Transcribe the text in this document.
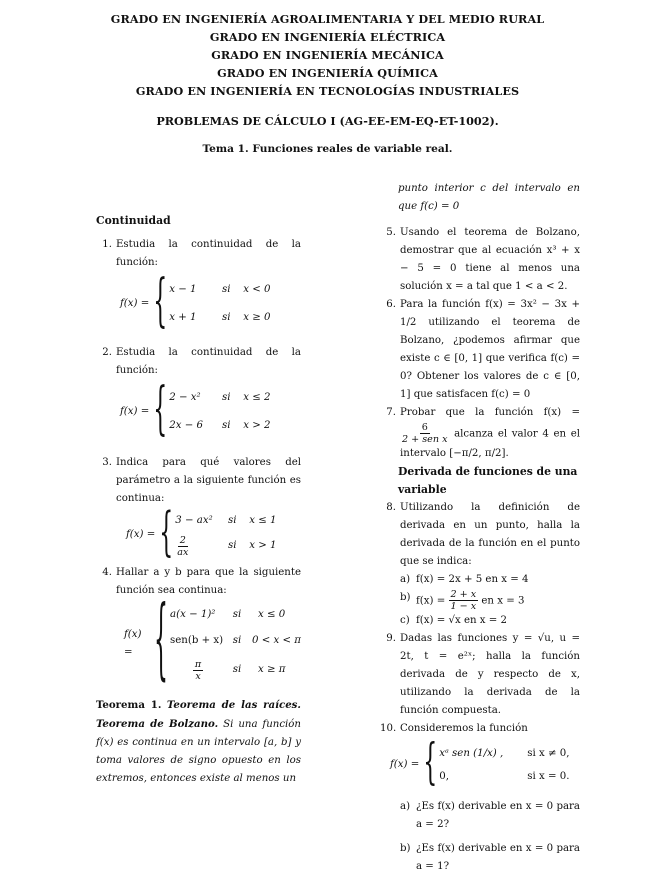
GRADO EN INGENIERÍA AGROALIMENTARIA Y DEL MEDIO RURAL
GRADO EN INGENIERÍA ELÉCTRICA
GRADO EN INGENIERÍA MECÁNICA
GRADO EN INGENIERÍA QUÍMICA
GRADO EN INGENIERÍA EN TECNOLOGÍAS INDUSTRIALES
PROBLEMAS DE CÁLCULO I (AG-EE-EM-EQ-ET-1002).
Tema 1. Funciones reales de variable real.
Continuidad
1. Estudia la continuidad de la función:
f(x) = { x − 1	si	x < 0
x + 1	si	x ≥ 0
2. Estudia la continuidad de la función:
f(x) = { 2 − x²	si	x ≤ 2
2x − 6	si	x > 2
3. Indica para qué valores del parámetro a la siguiente función es continua:
f(x) = { 3 − ax²	si	x ≤ 1
$\frac{2}{ax}$	si	x > 1
4. Hallar a y b para que la siguiente función sea continua:
f(x) = { a(x − 1)²	si	x ≤ 0
sen(b + x) si	0 < x < π
$\frac{\pi}{x}$	si	x ≥ π
Teorema 1. Teorema de las raíces. Teorema de Bolzano. Si una función f(x) es continua en un intervalo [a, b] y toma valores de signo opuesto en los extremos, entonces existe al menos un
punto interior c del intervalo en que f(c) = 0
5. Usando el teorema de Bolzano, demostrar que al ecuación x³ + x − 5 = 0 tiene al menos una solución x = a tal que 1 < a < 2.
6. Para la función f(x) = 3x² − 3x + 1/2 utilizando el teorema de Bolzano, ¿podemos afirmar que existe c ∈ [0, 1] que verifica f(c) = 0? Obtener los valores de c ∈ [0, 1] que satisfacen f(c) = 0
7. Probar que la función f(x) =
$\frac{6}{\text{2 + sen x}}$ alcanza el valor 4 en el intervalo [−π/2, π/2].
Derivada de funciones de una variable
8. Utilizando la definición de derivada en un punto, halla la derivada de la función en el punto que se indica:
a) f(x) = 2x + 5 en x = 4
b) $f(x) = \frac{2 + x}{1 - x}$ en x = 3
c) f(x) = √x en x = 2
9. Dadas las funciones y = √u, u = 2t, t = e²ˣ; halla la función derivada de y respecto de x, utilizando la derivada de la función compuesta.
10. Consideremos la función
f(x) = { xᵃ sen (1/x) ,	si x ≠ 0,
0,	si x = 0.
a) ¿Es f(x) derivable en x = 0 para a = 2?
b) ¿Es f(x) derivable en x = 0 para a = 1?
